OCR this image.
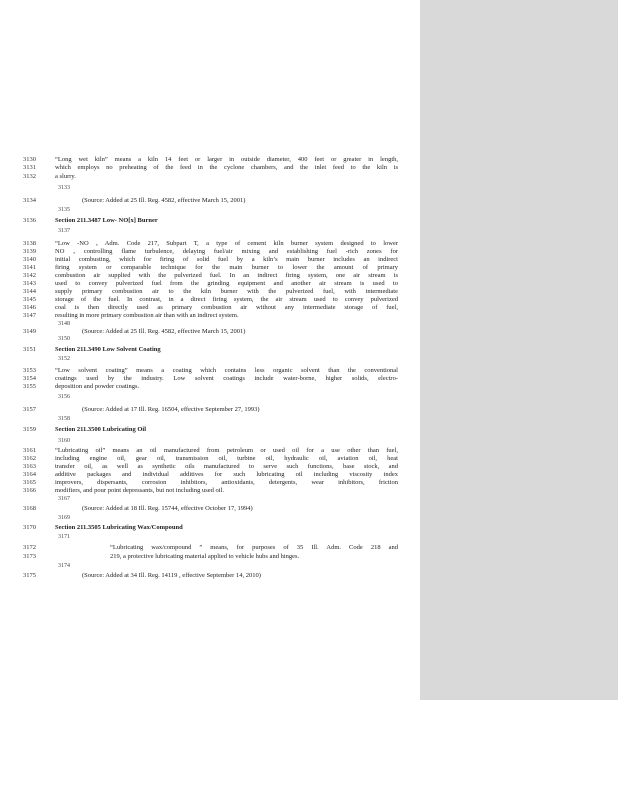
3130	“Long wet kiln” means a kiln 14 feet or larger in outside diameter, 400 feet or greater in length,
3131	which employs no preheating of the feed in the cyclone chambers, and the inlet feed to the kiln is
3132	a slurry.
3133
3134	(Source: Added at 25 Ill. Reg. 4582, effective March 15, 2001)
3135
3136	Section 211.3487 Low- NO[x] Burner
3137
3138	“Low -NO ₓ Adm. Code 217, Subpart T, a type of cement kiln burner system designed to lower
3139	NO ₓ controlling flame turbulence, delaying fuel/air mixing and establishing fuel -rich zones for
3140	initial combusting, which for firing of solid fuel by a kiln’s main burner includes an indirect
3141	firing system or comparable technique for the main burner to lower the amount of primary
3142	combustion air supplied with the pulverized fuel. In an indirect firing system, one air stream is
3143	used to convey pulverized fuel from the grinding equipment and another air stream is used to
3144	supply primary combustion air to the kiln burner with the pulverized fuel, with intermediate
3145	storage of the fuel. In contrast, in a direct firing system, the air stream used to convey pulverized
3146	coal is then directly used as primary combustion air without any intermediate storage of fuel,
3147	resulting in more primary combustion air than with an indirect system.
3148
3149	(Source: Added at 25 Ill. Reg. 4582, effective March 15, 2001)
3150
3151	Section 211.3490 Low Solvent Coating
3152
3153	“Low solvent coating” means a coating which contains less organic solvent than the conventional
3154	coatings used by the industry. Low solvent coatings include water-borne, higher solids, electro-
3155	deposition and powder coatings.
3156
3157	(Source: Added at 17 Ill. Reg. 16504, effective September 27, 1993)
3158
3159	Section 211.3500 Lubricating Oil
3160
3161	“Lubricating oil” means an oil manufactured from petroleum or used oil for a use other than fuel,
3162	including engine oil, gear oil, transmission oil, turbine oil, hydraulic oil, aviation oil, heat
3163	transfer oil, as well as synthetic oils manufactured to serve such functions, base stock, and
3164	additive packages and individual additives for such lubricating oil including viscosity index
3165	improvers, dispersants, corrosion inhibitors, antioxidants, detergents, wear inhibitors, friction
3166	modifiers, and pour point depressants, but not including used oil.
3167
3168	(Source: Added at 18 Ill. Reg. 15744, effective October 17, 1994)
3169
3170	Section 211.3505 Lubricating Wax/Compound
3171
3172	“Lubricating wax/compound ” means, for purposes of 35 Ill. Adm. Code 218 and
3173	219, a protective lubricating material applied to vehicle hubs and hinges.
3174
3175	(Source: Added at 34 Ill. Reg. 14119 , effective September 14, 2010)
